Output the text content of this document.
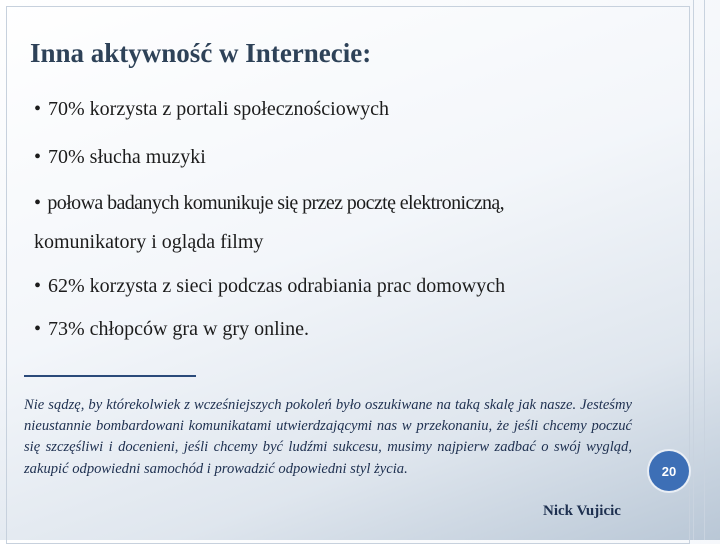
Inna aktywność w Internecie:
• 70% korzysta z portali społecznościowych
• 70% słucha muzyki
• połowa badanych komunikuje się przez pocztę elektroniczną,
komunikatory i ogląda filmy
• 62% korzysta z sieci podczas odrabiania prac domowych
• 73% chłopców gra w gry online.

Nie sądzę, by którekolwiek z wcześniejszych pokoleń było oszukiwane na taką skalę jak nasze. Jesteśmy nieustannie bombardowani komunikatami utwierdzającymi nas w przekonaniu, że jeśli chcemy poczuć się szczęśliwi i docenieni, jeśli chcemy być ludźmi sukcesu, musimy najpierw zadbać o swój wygląd, zakupić odpowiedni samochód i prowadzić odpowiedni styl życia.

Nick Vujicic
20
